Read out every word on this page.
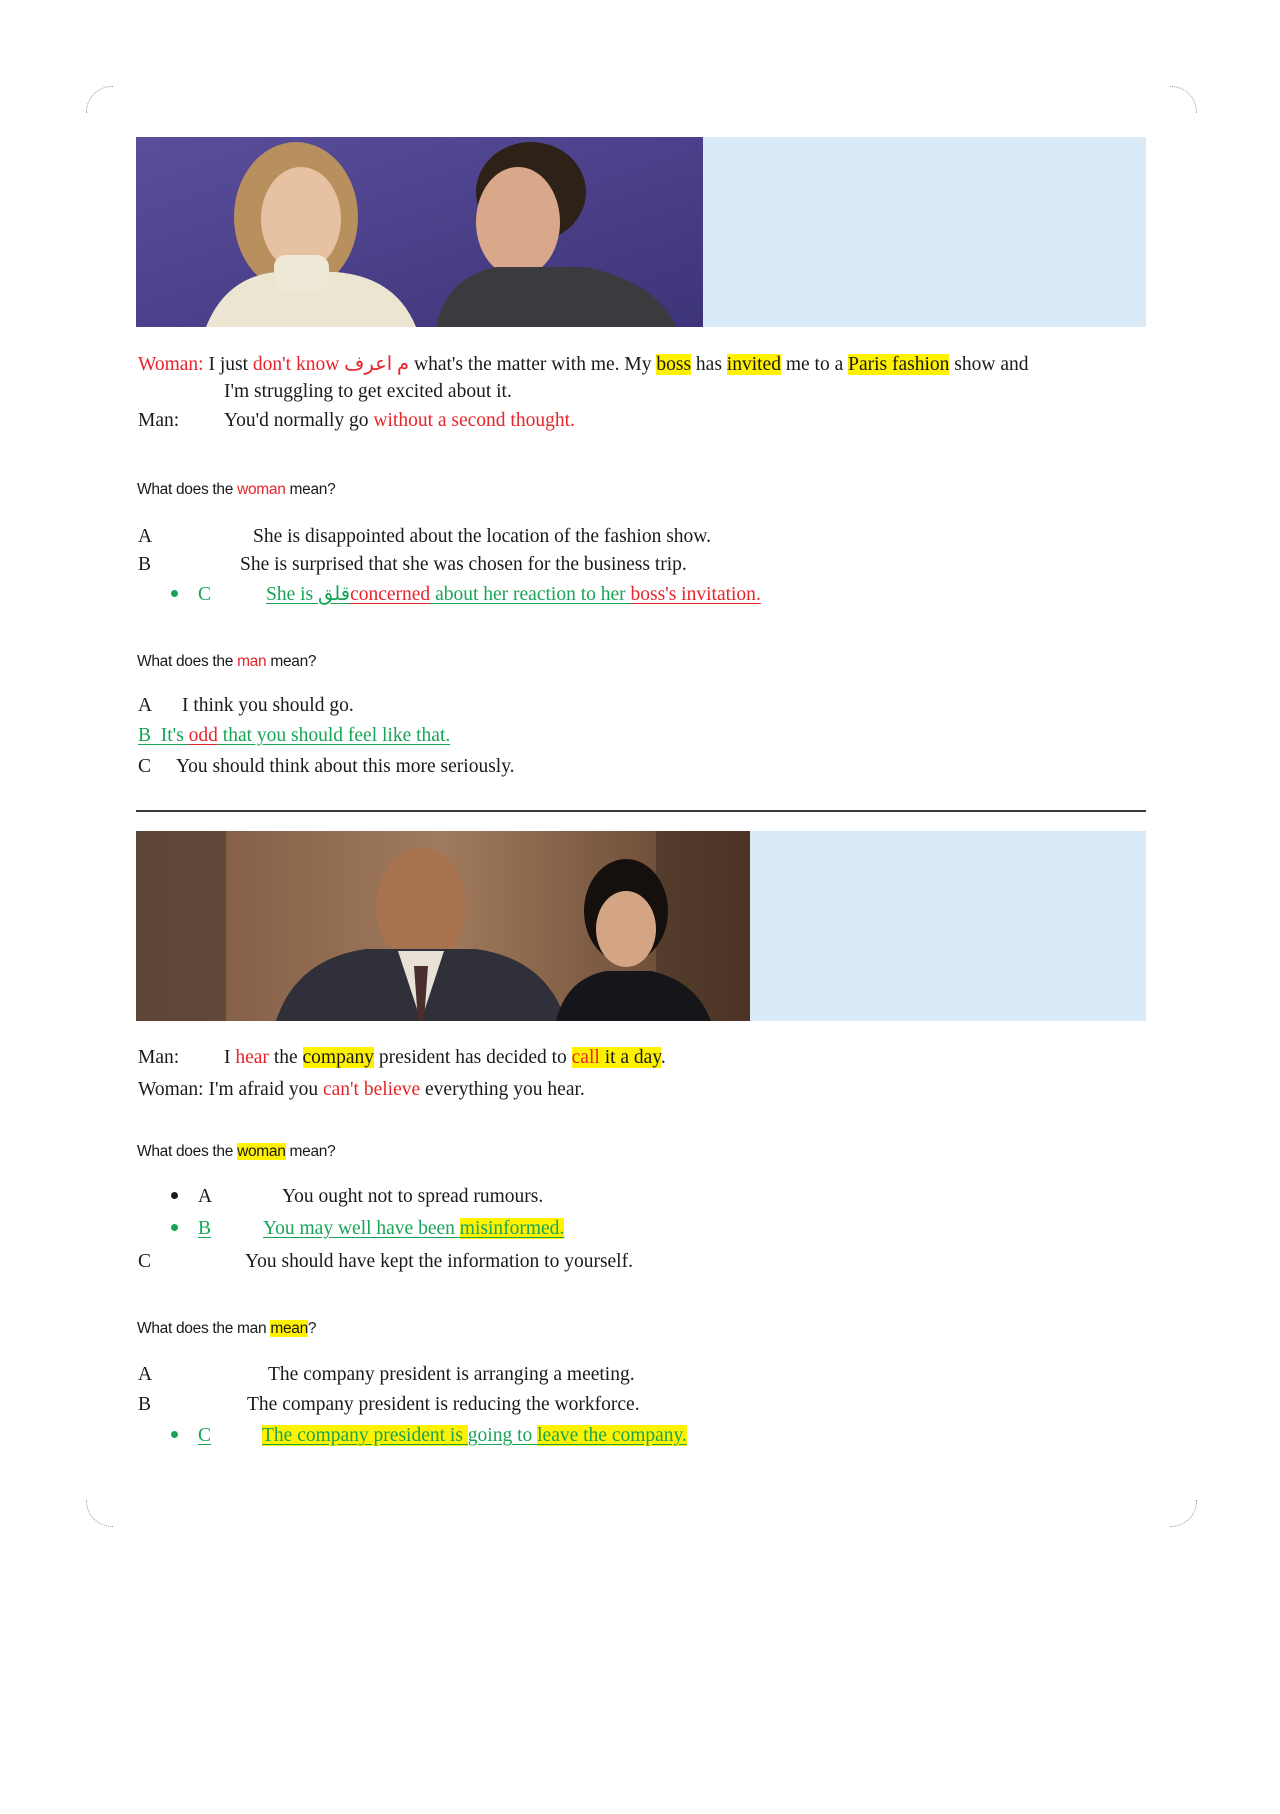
Woman: I just don't know م اعرف what's the matter with me. My boss has invited me to a Paris fashion show and
I'm struggling to get excited about it.
Man: You'd normally go without a second thought.
What does the woman mean?
A	She is disappointed about the location of the fashion show.
B	She is surprised that she was chosen for the business trip.
C	She is قلقconcerned about her reaction to her boss's invitation.
What does the man mean?
A I think you should go.
B It's odd that you should feel like that.
C You should think about this more seriously.
Man: I hear the company president has decided to call it a day.
Woman: I'm afraid you can't believe everything you hear.
What does the woman mean?
A	You ought not to spread rumours.
B	You may well have been misinformed.
C	You should have kept the information to yourself.
What does the man mean?
A	The company president is arranging a meeting.
B	The company president is reducing the workforce.
C	The company president is going to leave the company.
